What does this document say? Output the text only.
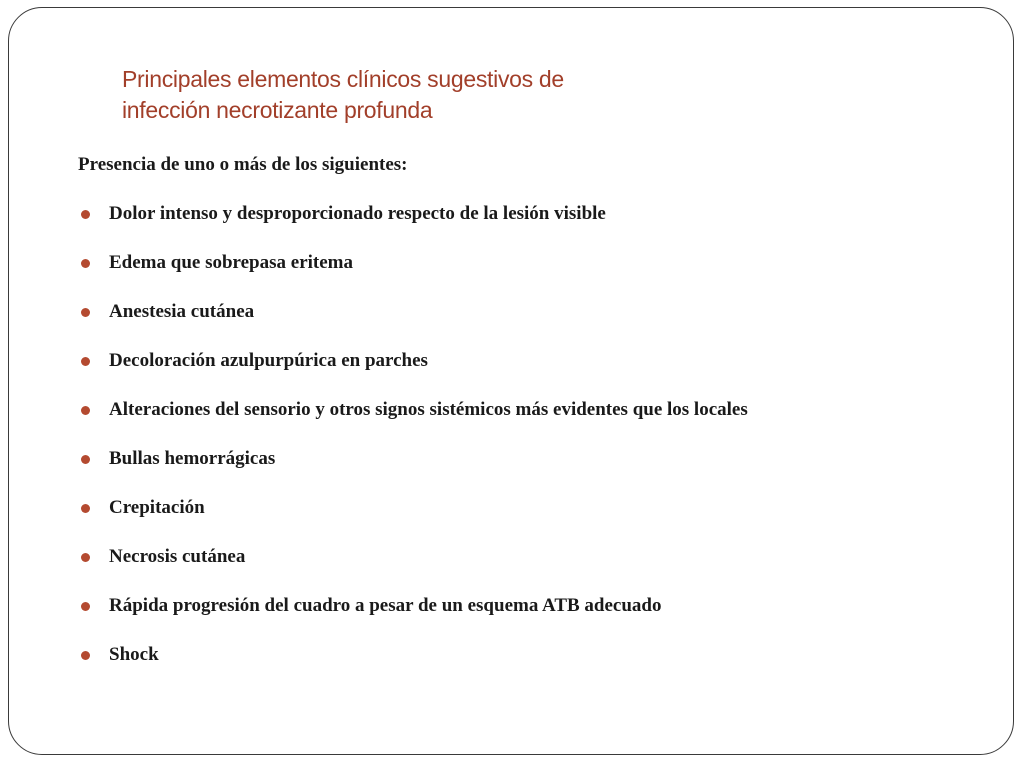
Principales elementos clínicos sugestivos de
infección necrotizante profunda
Presencia de uno o más de los siguientes:
Dolor intenso y desproporcionado respecto de la lesión visible
Edema que sobrepasa eritema
Anestesia cutánea
Decoloración azulpurpúrica en parches
Alteraciones del sensorio y otros signos sistémicos más evidentes que los locales
Bullas hemorrágicas
Crepitación
Necrosis cutánea
Rápida progresión del cuadro a pesar de un esquema ATB adecuado
Shock
